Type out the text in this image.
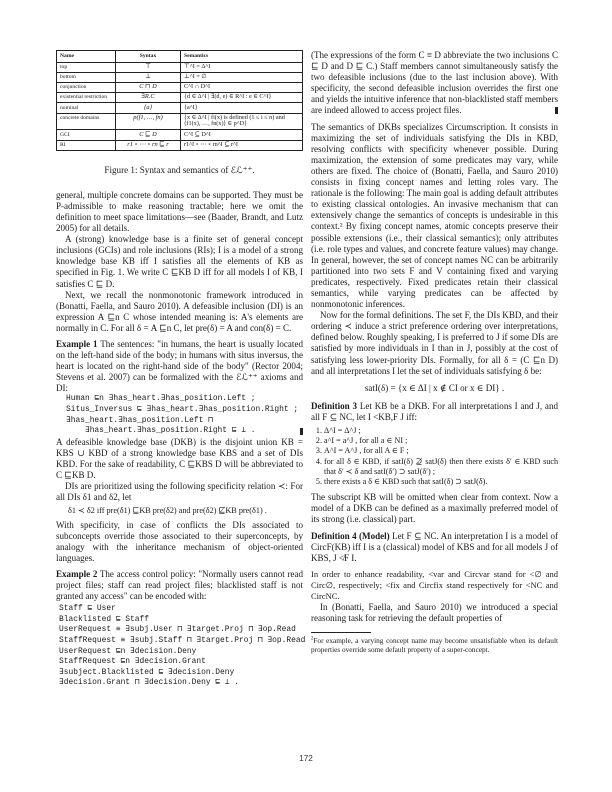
Name	Syntax	Semantics
top	⊤	⊤^I = Δ^I
bottom	⊥	⊥^I = ∅
conjunction	C ⊓ D	C^I ∩ D^I
existential restriction	∃R.C	{d ∈ Δ^I | ∃(d, e) ∈ R^I : e ∈ C^I}
nominal	{a}	{a^I}
concrete domains	p(f1, …, fn)	{x ∈ Δ^I | fi(x) is defined (1 ≤ i ≤ n) and ⟨f1(x), …, fn(x)⟩ ∈ p^D}
GCI	C ⊑ D	C^I ⊆ D^I
RI	r1 ∘ ⋯ ∘ rn ⊑ r	r1^I ∘ ⋯ ∘ rn^I ⊆ r^I
Figure 1: Syntax and semantics of ℰℒ⁺⁺.

general, multiple concrete domains can be supported. They must be P-admissible to make reasoning tractable; here we omit the definition to meet space limitations—see (Baader, Brandt, and Lutz 2005) for all details.

A (strong) knowledge base is a finite set of general concept inclusions (GCIs) and role inclusions (RIs); I is a model of a strong knowledge base KB iff I satisfies all the elements of KB as specified in Fig. 1. We write C ⊑KB D iff for all models I of KB, I satisfies C ⊑ D.

Next, we recall the nonmonotonic framework introduced in (Bonatti, Faella, and Sauro 2010). A defeasible inclusion (DI) is an expression A ⊑n C whose intended meaning is: A's elements are normally in C. For all δ = A ⊑n C, let pre(δ) = A and con(δ) = C.

Example 1 The sentences: "in humans, the heart is usually located on the left-hand side of the body; in humans with situs inversus, the heart is located on the right-hand side of the body" (Rector 2004; Stevens et al. 2007) can be formalized with the ℰℒ⁺⁺ axioms and DI:

Human ⊑n ∃has_heart.∃has_position.Left ;
Situs_Inversus ⊑ ∃has_heart.∃has_position.Right ;
∃has_heart.∃has_position.Left ⊓
∃has_heart.∃has_position.Right ⊑ ⊥ .

A defeasible knowledge base (DKB) is the disjoint union KB = KBS ∪ KBD of a strong knowledge base KBS and a set of DIs KBD. For the sake of readability, C ⊑KBS D will be abbreviated to C ⊑KB D.

DIs are prioritized using the following specificity relation ≺: For all DIs δ1 and δ2, let

δ1 ≺ δ2 iff pre(δ1) ⊑KB pre(δ2) and pre(δ2) ⋢KB pre(δ1) .

With specificity, in case of conflicts the DIs associated to subconcepts override those associated to their superconcepts, by analogy with the inheritance mechanism of object-oriented languages.

Example 2 The access control policy: "Normally users cannot read project files; staff can read project files; blacklisted staff is not granted any access" can be encoded with:

Staff ⊑ User
Blacklisted ⊑ Staff
UserRequest ≡ ∃subj.User ⊓ ∃target.Proj ⊓ ∃op.Read
StaffRequest ≡ ∃subj.Staff ⊓ ∃target.Proj ⊓ ∃op.Read
UserRequest ⊑n ∃decision.Deny
StaffRequest ⊑n ∃decision.Grant
∃subject.Blacklisted ⊑ ∃decision.Deny
∃decision.Grant ⊓ ∃decision.Deny ⊑ ⊥ .

(The expressions of the form C ≡ D abbreviate the two inclusions C ⊑ D and D ⊑ C.) Staff members cannot simultaneously satisfy the two defeasible inclusions (due to the last inclusion above). With specificity, the second defeasible inclusion overrides the first one and yields the intuitive inference that non-blacklisted staff members are indeed allowed to access project files.

The semantics of DKBs specializes Circumscription. It consists in maximizing the set of individuals satisfying the DIs in KBD, resolving conflicts with specificity whenever possible. During maximization, the extension of some predicates may vary, while others are fixed. The choice of (Bonatti, Faella, and Sauro 2010) consists in fixing concept names and letting roles vary. The rationale is the following: The main goal is adding default attributes to existing classical ontologies. An invasive mechanism that can extensively change the semantics of concepts is undesirable in this context.² By fixing concept names, atomic concepts preserve their possible extensions (i.e., their classical semantics); only attributes (i.e. role types and values, and concrete feature values) may change. In general, however, the set of concept names NC can be arbitrarily partitioned into two sets F and V containing fixed and varying predicates, respectively. Fixed predicates retain their classical semantics, while varying predicates can be affected by nonmonotonic inferences.

Now for the formal definitions. The set F, the DIs KBD, and their ordering ≺ induce a strict preference ordering over interpretations, defined below. Roughly speaking, I is preferred to J if some DIs are satisfied by more individuals in I than in J, possibly at the cost of satisfying less lower-priority DIs. Formally, for all δ = (C ⊑n D) and all interpretations I let the set of individuals satisfying δ be:

satI(δ) = {x ∈ ΔI | x ∉ CI or x ∈ DI} .

Definition 3 Let KB be a DKB. For all interpretations I and J, and all F ⊆ NC, let I <KB,F J iff:

1. Δ^I = Δ^J ;
2. a^I = a^J , for all a ∈ NI ;
3. A^I = A^J , for all A ∈ F ;
4. for all δ ∈ KBD, if satI(δ) ⊉ satJ(δ) then there exists δ′ ∈ KBD such that δ′ ≺ δ and satI(δ′) ⊃ satJ(δ′) ;
5. there exists a δ ∈ KBD such that satI(δ) ⊃ satJ(δ).

The subscript KB will be omitted when clear from context. Now a model of a DKB can be defined as a maximally preferred model of its strong (i.e. classical) part.

Definition 4 (Model) Let F ⊆ NC. An interpretation I is a model of CircF(KB) iff I is a (classical) model of KBS and for all models J of KBS, J ≮F I.

In order to enhance readability, <var and Circvar stand for <∅ and Circ∅, respectively; <fix and Circfix stand respectively for <NC and CircNC.

In (Bonatti, Faella, and Sauro 2010) we introduced a special reasoning task for retrieving the default properties of

$^2$For example, a varying concept name may become unsatisfiable when its default properties override some default property of a super-concept.

172
